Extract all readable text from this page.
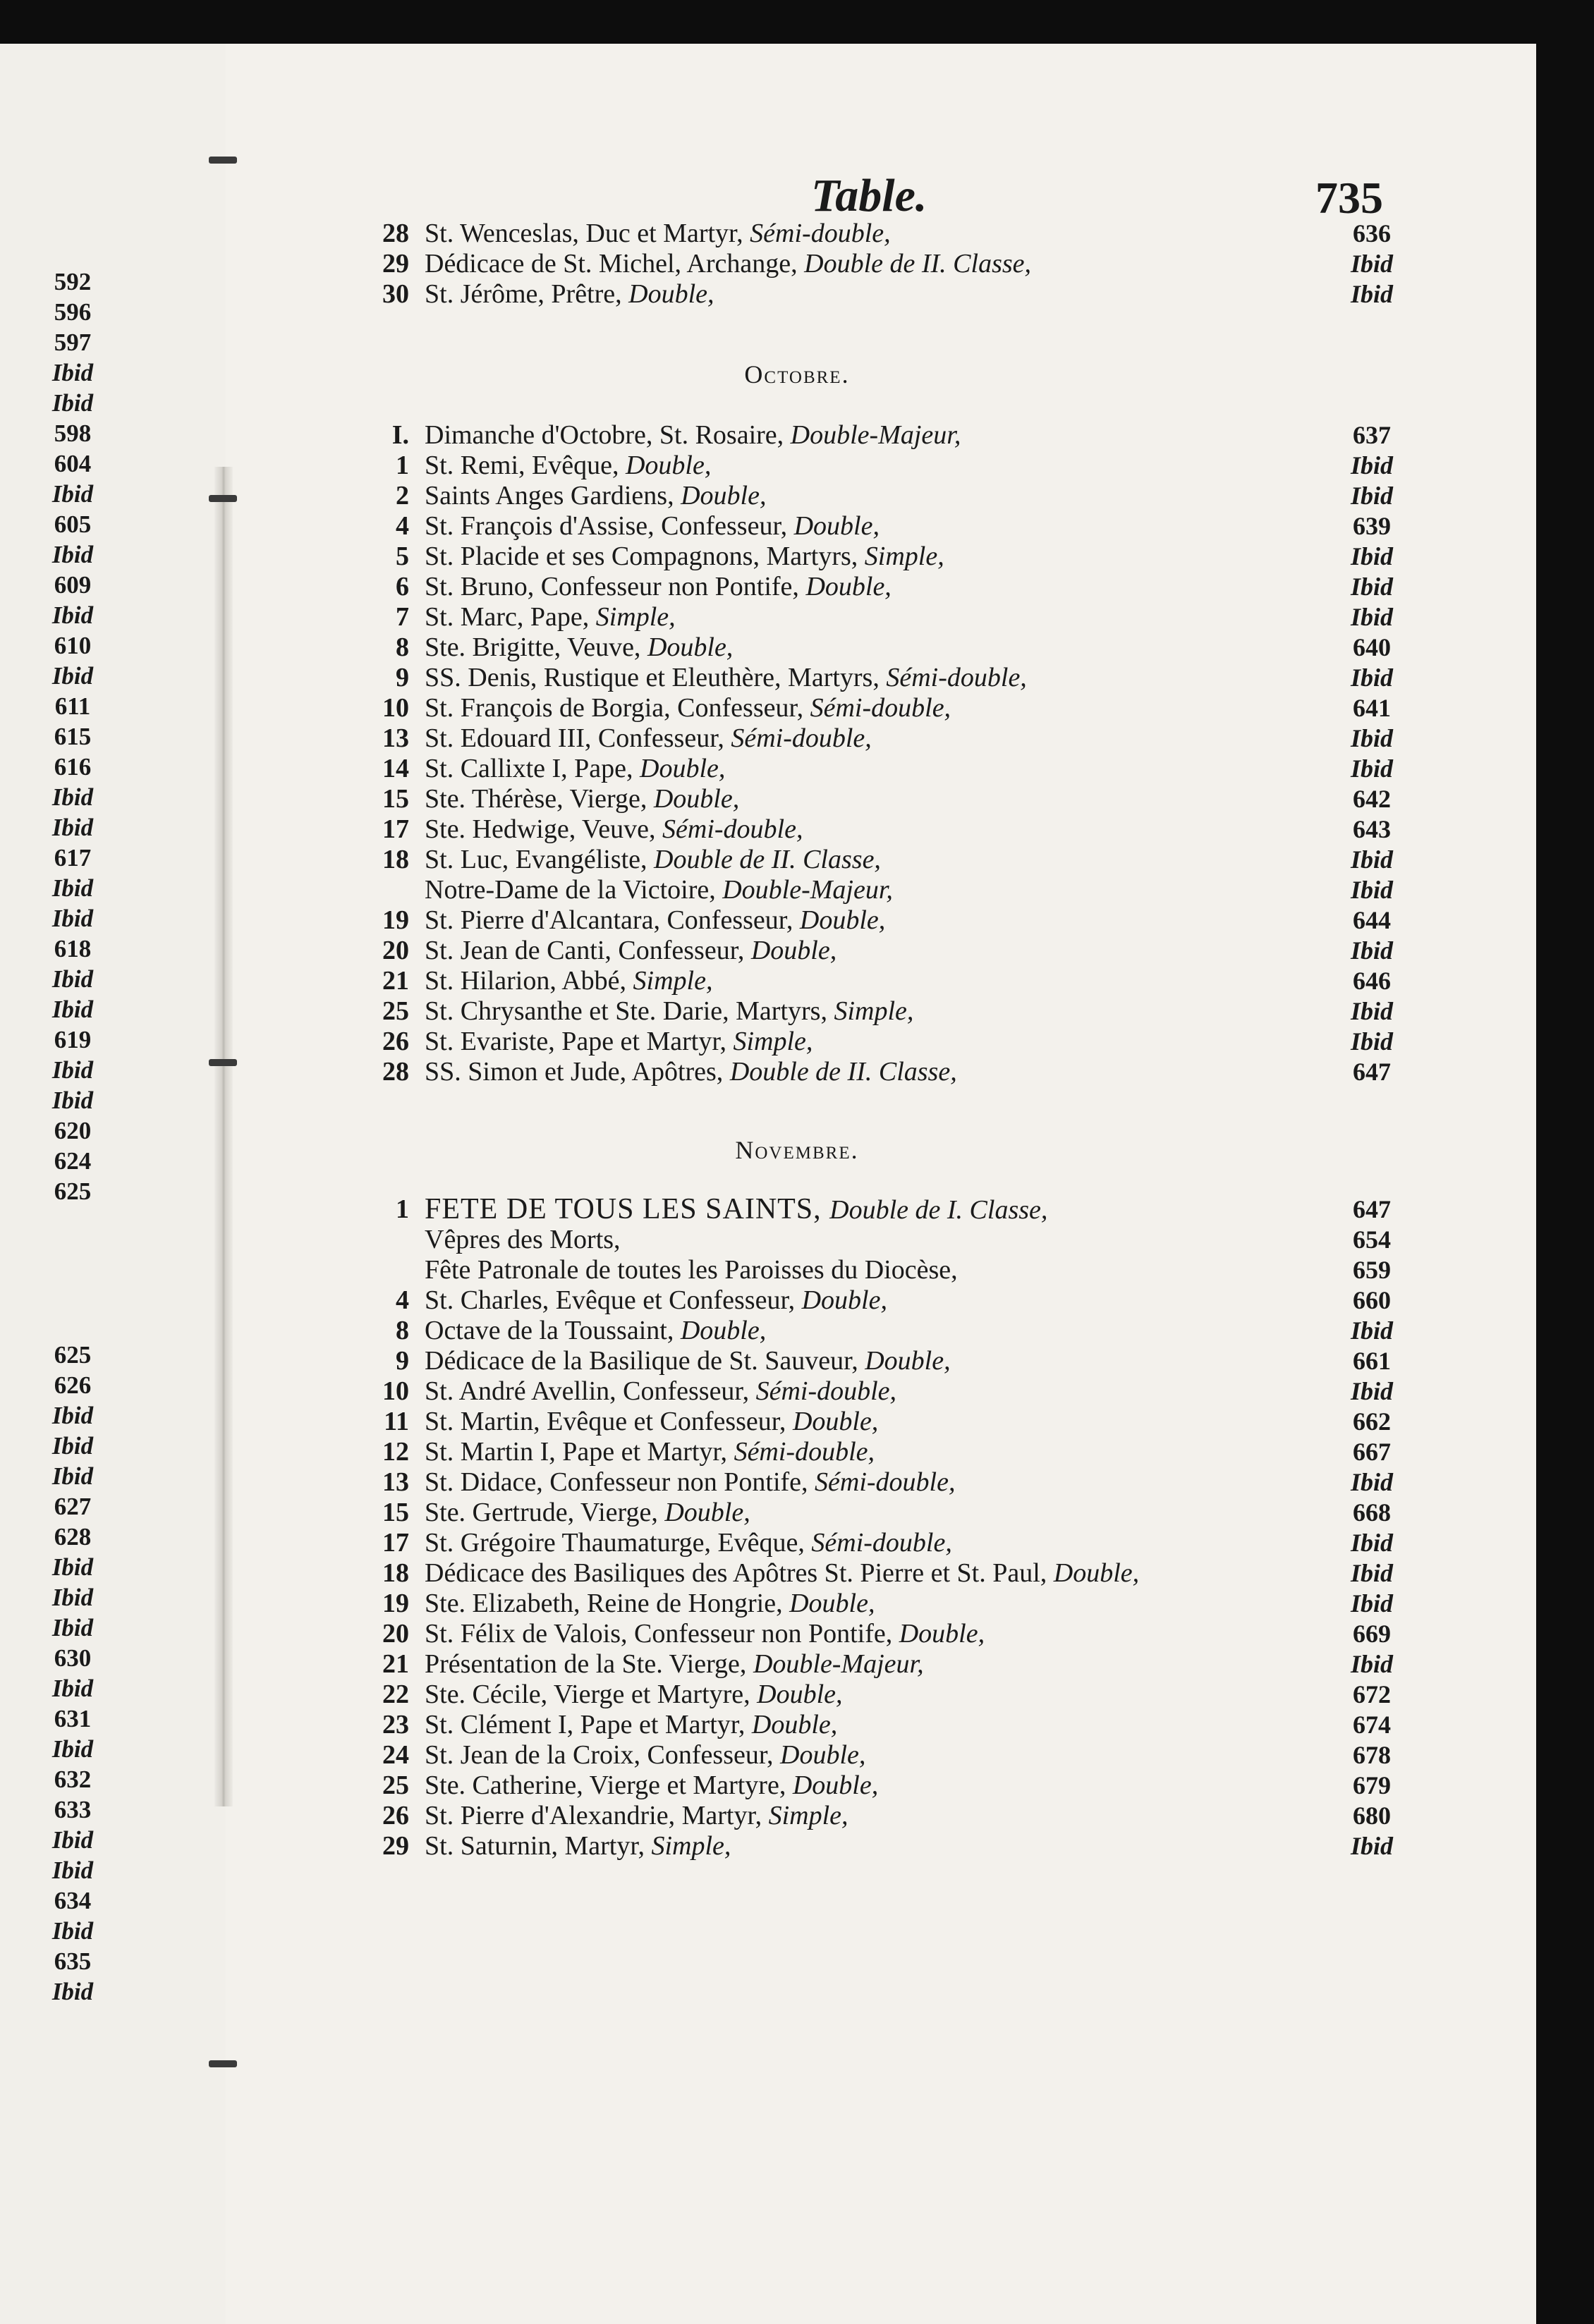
592
596
597
Ibid
Ibid
598
604
Ibid
605
Ibid
609
Ibid
610
Ibid
611
615
616
Ibid
Ibid
617
Ibid
Ibid
618
Ibid
Ibid
619
Ibid
Ibid
620
624
625
625
626
Ibid
Ibid
Ibid
627
628
Ibid
Ibid
Ibid
630
Ibid
631
Ibid
632
633
Ibid
Ibid
634
Ibid
635
Ibid
Table.	735
28 St. Wenceslas, Duc et Martyr, Sémi-double,	636
29 Dédicace de St. Michel, Archange, Double de II. Classe,	Ibid
30 St. Jérôme, Prêtre, Double,	Ibid
Octobre.
I. Dimanche d'Octobre, St. Rosaire, Double-Majeur,	637
1 St. Remi, Evêque, Double,	Ibid
2 Saints Anges Gardiens, Double,	Ibid
4 St. François d'Assise, Confesseur, Double,	639
5 St. Placide et ses Compagnons, Martyrs, Simple,	Ibid
6 St. Bruno, Confesseur non Pontife, Double,	Ibid
7 St. Marc, Pape, Simple,	Ibid
8 Ste. Brigitte, Veuve, Double,	640
9 SS. Denis, Rustique et Eleuthère, Martyrs, Sémi-double,	Ibid
10 St. François de Borgia, Confesseur, Sémi-double,	641
13 St. Edouard III, Confesseur, Sémi-double,	Ibid
14 St. Callixte I, Pape, Double,	Ibid
15 Ste. Thérèse, Vierge, Double,	642
17 Ste. Hedwige, Veuve, Sémi-double,	643
18 St. Luc, Evangéliste, Double de II. Classe,	Ibid
Notre-Dame de la Victoire, Double-Majeur,	Ibid
19 St. Pierre d'Alcantara, Confesseur, Double,	644
20 St. Jean de Canti, Confesseur, Double,	Ibid
21 St. Hilarion, Abbé, Simple,	646
25 St. Chrysanthe et Ste. Darie, Martyrs, Simple,	Ibid
26 St. Evariste, Pape et Martyr, Simple,	Ibid
28 SS. Simon et Jude, Apôtres, Double de II. Classe,	647
Novembre.
1 FETE DE TOUS LES SAINTS, Double de I. Classe,	647
Vêpres des Morts,	654
Fête Patronale de toutes les Paroisses du Diocèse,	659
4 St. Charles, Evêque et Confesseur, Double,	660
8 Octave de la Toussaint, Double,	Ibid
9 Dédicace de la Basilique de St. Sauveur, Double,	661
10 St. André Avellin, Confesseur, Sémi-double,	Ibid
11 St. Martin, Evêque et Confesseur, Double,	662
12 St. Martin I, Pape et Martyr, Sémi-double,	667
13 St. Didace, Confesseur non Pontife, Sémi-double,	Ibid
15 Ste. Gertrude, Vierge, Double,	668
17 St. Grégoire Thaumaturge, Evêque, Sémi-double,	Ibid
18 Dédicace des Basiliques des Apôtres St. Pierre et St. Paul, Double,	Ibid
19 Ste. Elizabeth, Reine de Hongrie, Double,	Ibid
20 St. Félix de Valois, Confesseur non Pontife, Double,	669
21 Présentation de la Ste. Vierge, Double-Majeur,	Ibid
22 Ste. Cécile, Vierge et Martyre, Double,	672
23 St. Clément I, Pape et Martyr, Double,	674
24 St. Jean de la Croix, Confesseur, Double,	678
25 Ste. Catherine, Vierge et Martyre, Double,	679
26 St. Pierre d'Alexandrie, Martyr, Simple,	680
29 St. Saturnin, Martyr, Simple,	Ibid
